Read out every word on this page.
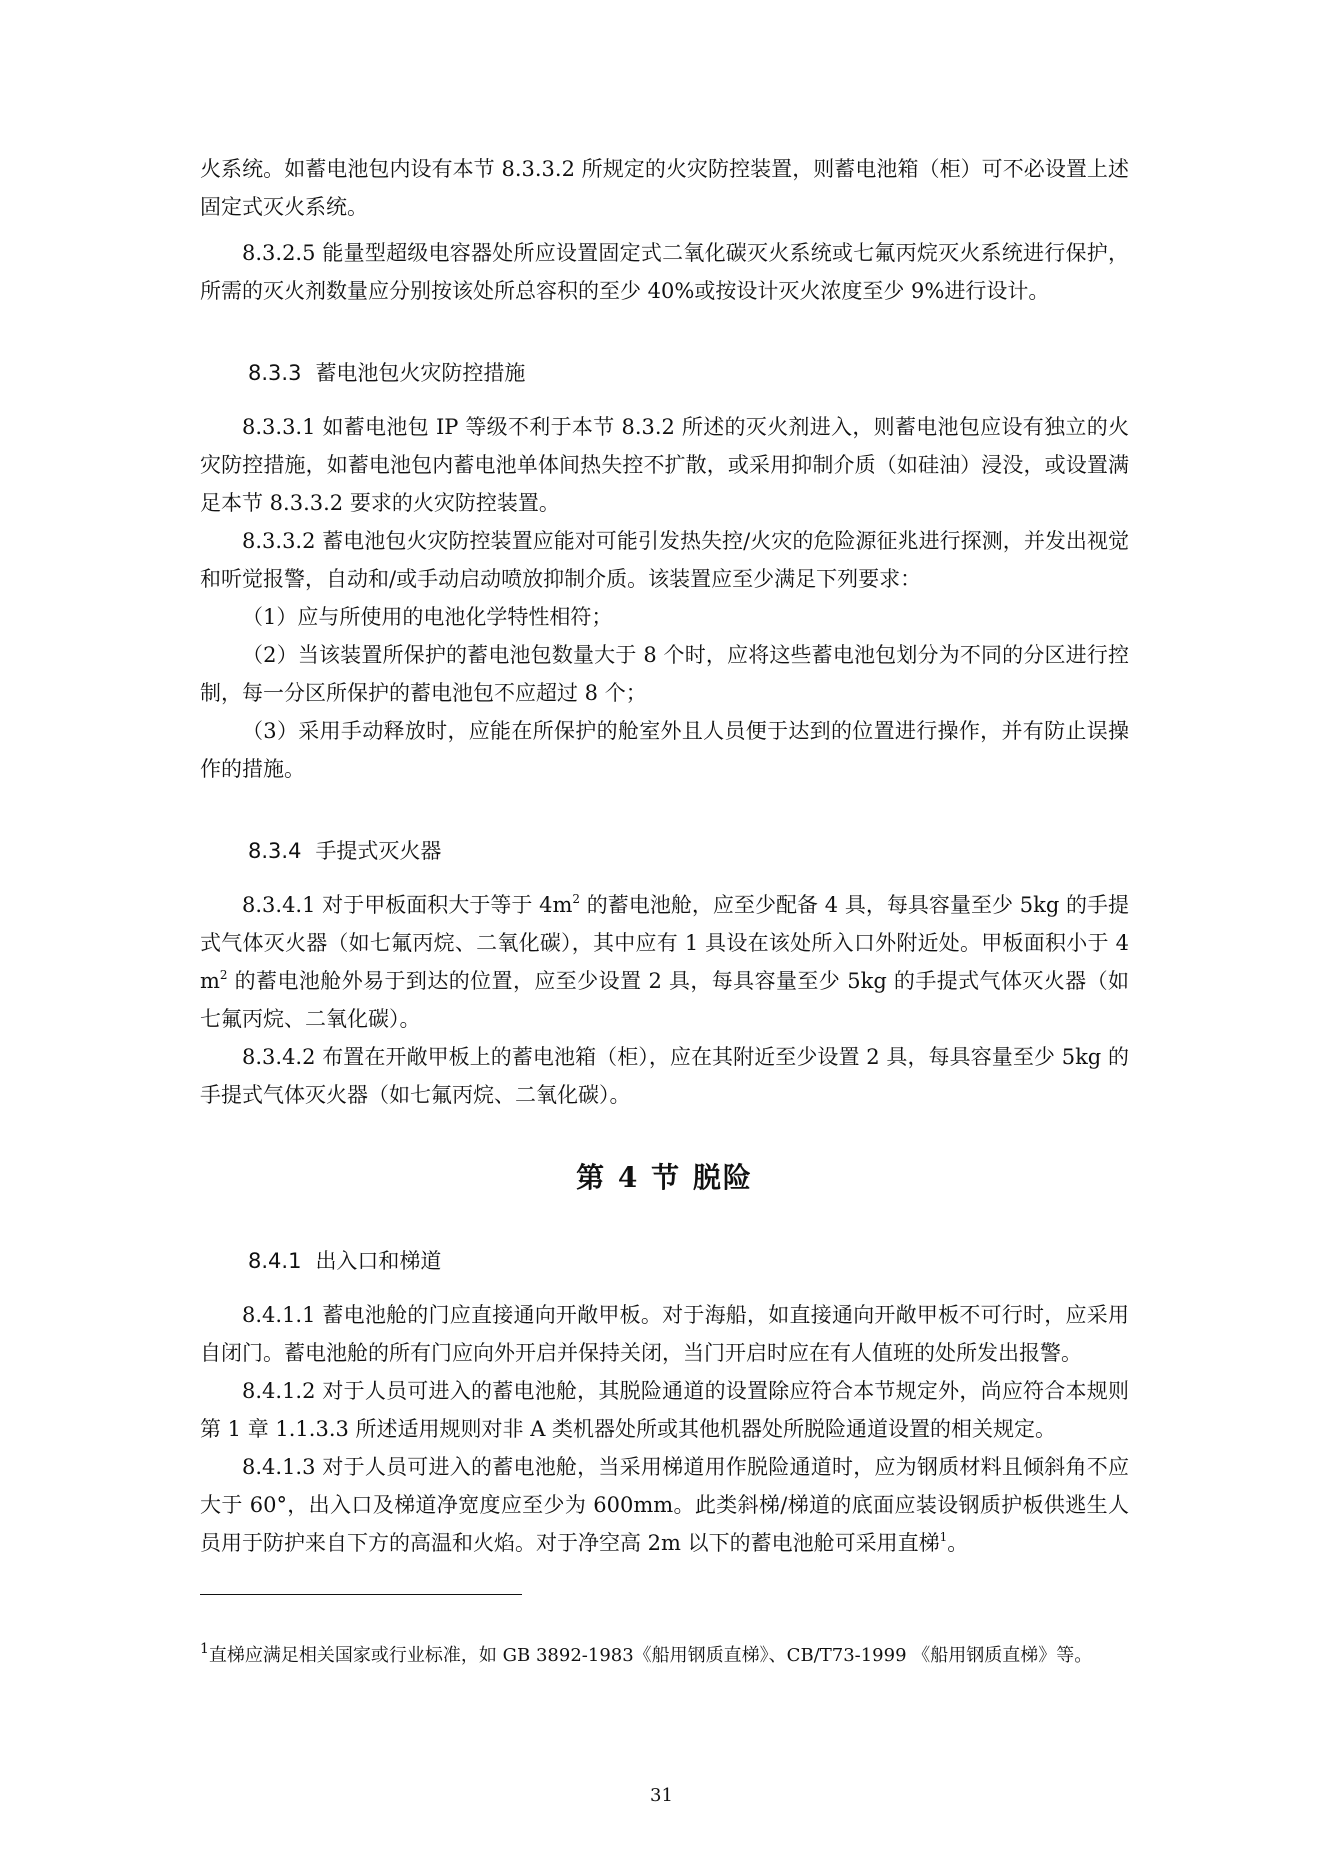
火系统。如蓄电池包内设有本节 8.3.3.2 所规定的火灾防控装置，则蓄电池箱（柜）可不必设置上述固定式灭火系统。

8.3.2.5 能量型超级电容器处所应设置固定式二氧化碳灭火系统或七氟丙烷灭火系统进行保护，所需的灭火剂数量应分别按该处所总容积的至少 40%或按设计灭火浓度至少 9%进行设计。

8.3.3 蓄电池包火灾防控措施

8.3.3.1 如蓄电池包 IP 等级不利于本节 8.3.2 所述的灭火剂进入，则蓄电池包应设有独立的火灾防控措施，如蓄电池包内蓄电池单体间热失控不扩散，或采用抑制介质（如硅油）浸没，或设置满足本节 8.3.3.2 要求的火灾防控装置。

8.3.3.2 蓄电池包火灾防控装置应能对可能引发热失控/火灾的危险源征兆进行探测，并发出视觉和听觉报警，自动和/或手动启动喷放抑制介质。该装置应至少满足下列要求：

（1）应与所使用的电池化学特性相符；

（2）当该装置所保护的蓄电池包数量大于 8 个时，应将这些蓄电池包划分为不同的分区进行控制，每一分区所保护的蓄电池包不应超过 8 个；

（3）采用手动释放时，应能在所保护的舱室外且人员便于达到的位置进行操作，并有防止误操作的措施。

8.3.4 手提式灭火器

8.3.4.1 对于甲板面积大于等于 $4m^2$ 的蓄电池舱，应至少配备 4 具，每具容量至少 5kg 的手提式气体灭火器（如七氟丙烷、二氧化碳），其中应有 1 具设在该处所入口外附近处。甲板面积小于 $4m^2$ 的蓄电池舱外易于到达的位置，应至少设置 2 具，每具容量至少 5kg 的手提式气体灭火器（如七氟丙烷、二氧化碳）。

8.3.4.2 布置在开敞甲板上的蓄电池箱（柜），应在其附近至少设置 2 具，每具容量至少 5kg 的手提式气体灭火器（如七氟丙烷、二氧化碳）。

第 4 节 脱险
8.4.1 出入口和梯道

8.4.1.1 蓄电池舱的门应直接通向开敞甲板。对于海船，如直接通向开敞甲板不可行时，应采用自闭门。蓄电池舱的所有门应向外开启并保持关闭，当门开启时应在有人值班的处所发出报警。

8.4.1.2 对于人员可进入的蓄电池舱，其脱险通道的设置除应符合本节规定外，尚应符合本规则第 1 章 1.1.3.3 所述适用规则对非 A 类机器处所或其他机器处所脱险通道设置的相关规定。

8.4.1.3 对于人员可进入的蓄电池舱，当采用梯道用作脱险通道时，应为钢质材料且倾斜角不应大于 60°，出入口及梯道净宽度应至少为 600mm。此类斜梯/梯道的底面应装设钢质护板供逃生人员用于防护来自下方的高温和火焰。对于净空高 2m 以下的蓄电池舱可采用直梯$^1$。

$^1$直梯应满足相关国家或行业标准，如 GB 3892-1983《船用钢质直梯》、CB/T73-1999 《船用钢质直梯》等。

31
